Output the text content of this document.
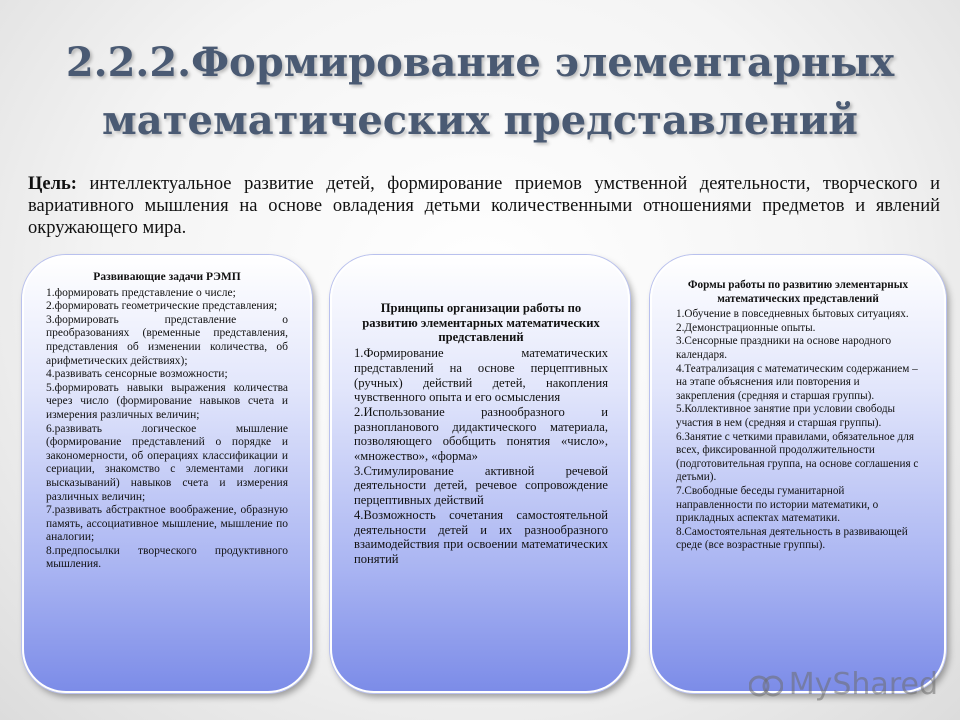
2.2.2.Формирование элементарных
математических представлений
Цель: интеллектуальное развитие детей, формирование приемов умственной деятельности, творческого и вариативного мышления на основе овладения детьми количественными отношениями предметов и явлений окружающего мира.
Развивающие задачи РЭМП

1.формировать представление о числе;

2.формировать геометрические представления;

3.формировать представление о преобразованиях (временные представления, представления об изменении количества, об арифметических действиях);

4.развивать сенсорные возможности;

5.формировать навыки выражения количества через число (формирование навыков счета и измерения различных величин;

6.развивать логическое мышление (формирование представлений о порядке и закономерности, об операциях классификации и сериации, знакомство с элементами логики высказываний) навыков счета и измерения различных величин;

7.развивать абстрактное воображение, образную память, ассоциативное мышление, мышление по аналогии;

8.предпосылки творческого продуктивного мышления.

Принципы организации работы по развитию элементарных математических представлений

1.Формирование математических представлений на основе перцептивных (ручных) действий детей, накопления чувственного опыта и его осмысления

2.Использование разнообразного и разнопланового дидактического материала, позволяющего обобщить понятия «число», «множество», «форма»

3.Стимулирование активной речевой деятельности детей, речевое сопровождение перцептивных действий

4.Возможность сочетания самостоятельной деятельности детей и их разнообразного взаимодействия при освоении математических понятий

Формы работы по развитию элементарных математических представлений

1.Обучение в повседневных бытовых ситуациях.

2.Демонстрационные опыты.

3.Сенсорные праздники на основе народного календаря.

4.Театрализация с математическим содержанием – на этапе объяснения или повторения и закрепления (средняя и старшая группы).

5.Коллективное занятие при условии свободы участия в нем (средняя и старшая группы).

6.Занятие с четкими правилами, обязательное для всех, фиксированной продолжительности (подготовительная группа, на основе соглашения с детьми).

7.Свободные беседы гуманитарной направленности по истории математики, о прикладных аспектах математики.

8.Самостоятельная деятельность в развивающей среде (все возрастные группы).

MyShared
